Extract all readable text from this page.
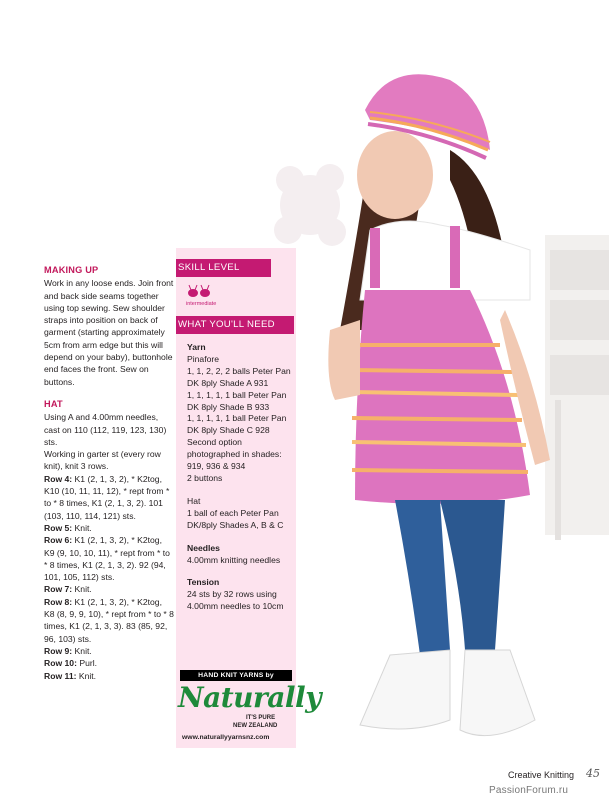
MAKING UP

Work in any loose ends. Join front and back side seams together using top sewing. Sew shoulder straps into position on back of garment (starting approximately 5cm from arm edge but this will depend on your baby), buttonhole end faces the front. Sew on buttons.

HAT

Using A and 4.00mm needles, cast on 110 (112, 119, 123, 130) sts.

Working in garter st (every row knit), knit 3 rows.

Row 4: K1 (2, 1, 3, 2), * K2tog, K10 (10, 11, 11, 12), * rept from * to * 8 times, K1 (2, 1, 3, 2). 101 (103, 110, 114, 121) sts.

Row 5: Knit.

Row 6: K1 (2, 1, 3, 2), * K2tog, K9 (9, 10, 10, 11), * rept from * to * 8 times, K1 (2, 1, 3, 2). 92 (94, 101, 105, 112) sts.

Row 7: Knit.

Row 8: K1 (2, 1, 3, 2), * K2tog, K8 (8, 9, 9, 10), * rept from * to * 8 times, K1 (2, 1, 3, 3). 83 (85, 92, 96, 103) sts.

Row 9: Knit.

Row 10: Purl.

Row 11: Knit.

SKILL LEVEL
intermediate
WHAT YOU'LL NEED

Yarn

Pinafore

1, 1, 2, 2, 2 balls Peter Pan DK 8ply Shade A 931

1, 1, 1, 1, 1 ball Peter Pan DK 8ply Shade B 933

1, 1, 1, 1, 1 ball Peter Pan DK 8ply Shade C 928

Second option photographed in shades: 919, 936 & 934

2 buttons

Hat

1 ball of each Peter Pan DK/8ply Shades A, B & C

Needles

4.00mm knitting needles

Tension

24 sts by 32 rows using 4.00mm needles to 10cm

HAND KNIT YARNS by
Naturally
IT'S PURE
NEW ZEALAND
www.naturallyyarnsnz.com
Creative Knitting 45
PassionForum.ru
